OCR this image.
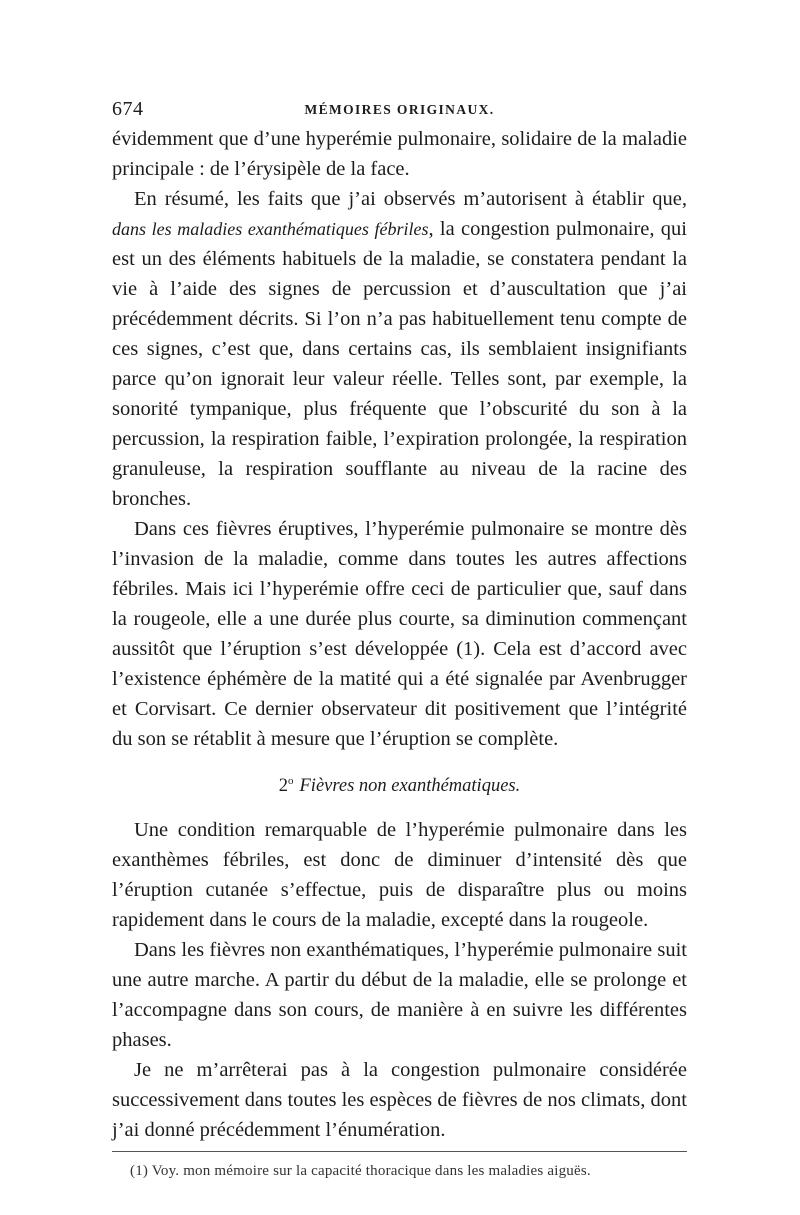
674	MÉMOIRES ORIGINAUX.

évidemment que d’une hyperémie pulmonaire, solidaire de la maladie principale : de l’érysipèle de la face.

En résumé, les faits que j’ai observés m’autorisent à établir que, dans les maladies exanthématiques fébriles, la congestion pulmonaire, qui est un des éléments habituels de la maladie, se constatera pendant la vie à l’aide des signes de percussion et d’auscultation que j’ai précédemment décrits. Si l’on n’a pas habituellement tenu compte de ces signes, c’est que, dans certains cas, ils semblaient insignifiants parce qu’on ignorait leur valeur réelle. Telles sont, par exemple, la sonorité tympanique, plus fréquente que l’obscurité du son à la percussion, la respiration faible, l’expiration prolongée, la respiration granuleuse, la respiration soufflante au niveau de la racine des bronches.

Dans ces fièvres éruptives, l’hyperémie pulmonaire se montre dès l’invasion de la maladie, comme dans toutes les autres affections fébriles. Mais ici l’hyperémie offre ceci de particulier que, sauf dans la rougeole, elle a une durée plus courte, sa diminution commençant aussitôt que l’éruption s’est développée (1). Cela est d’accord avec l’existence éphémère de la matité qui a été signalée par Avenbrugger et Corvisart. Ce dernier observateur dit positivement que l’intégrité du son se rétablit à mesure que l’éruption se complète.

2$^o$ Fièvres non exanthématiques.

Une condition remarquable de l’hyperémie pulmonaire dans les exanthèmes fébriles, est donc de diminuer d’intensité dès que l’éruption cutanée s’effectue, puis de disparaître plus ou moins rapidement dans le cours de la maladie, excepté dans la rougeole.

Dans les fièvres non exanthématiques, l’hyperémie pulmonaire suit une autre marche. A partir du début de la maladie, elle se prolonge et l’accompagne dans son cours, de manière à en suivre les différentes phases.

Je ne m’arrêterai pas à la congestion pulmonaire considérée successivement dans toutes les espèces de fièvres de nos climats, dont j’ai donné précédemment l’énumération.

(1) Voy. mon mémoire sur la capacité thoracique dans les maladies aiguës.
